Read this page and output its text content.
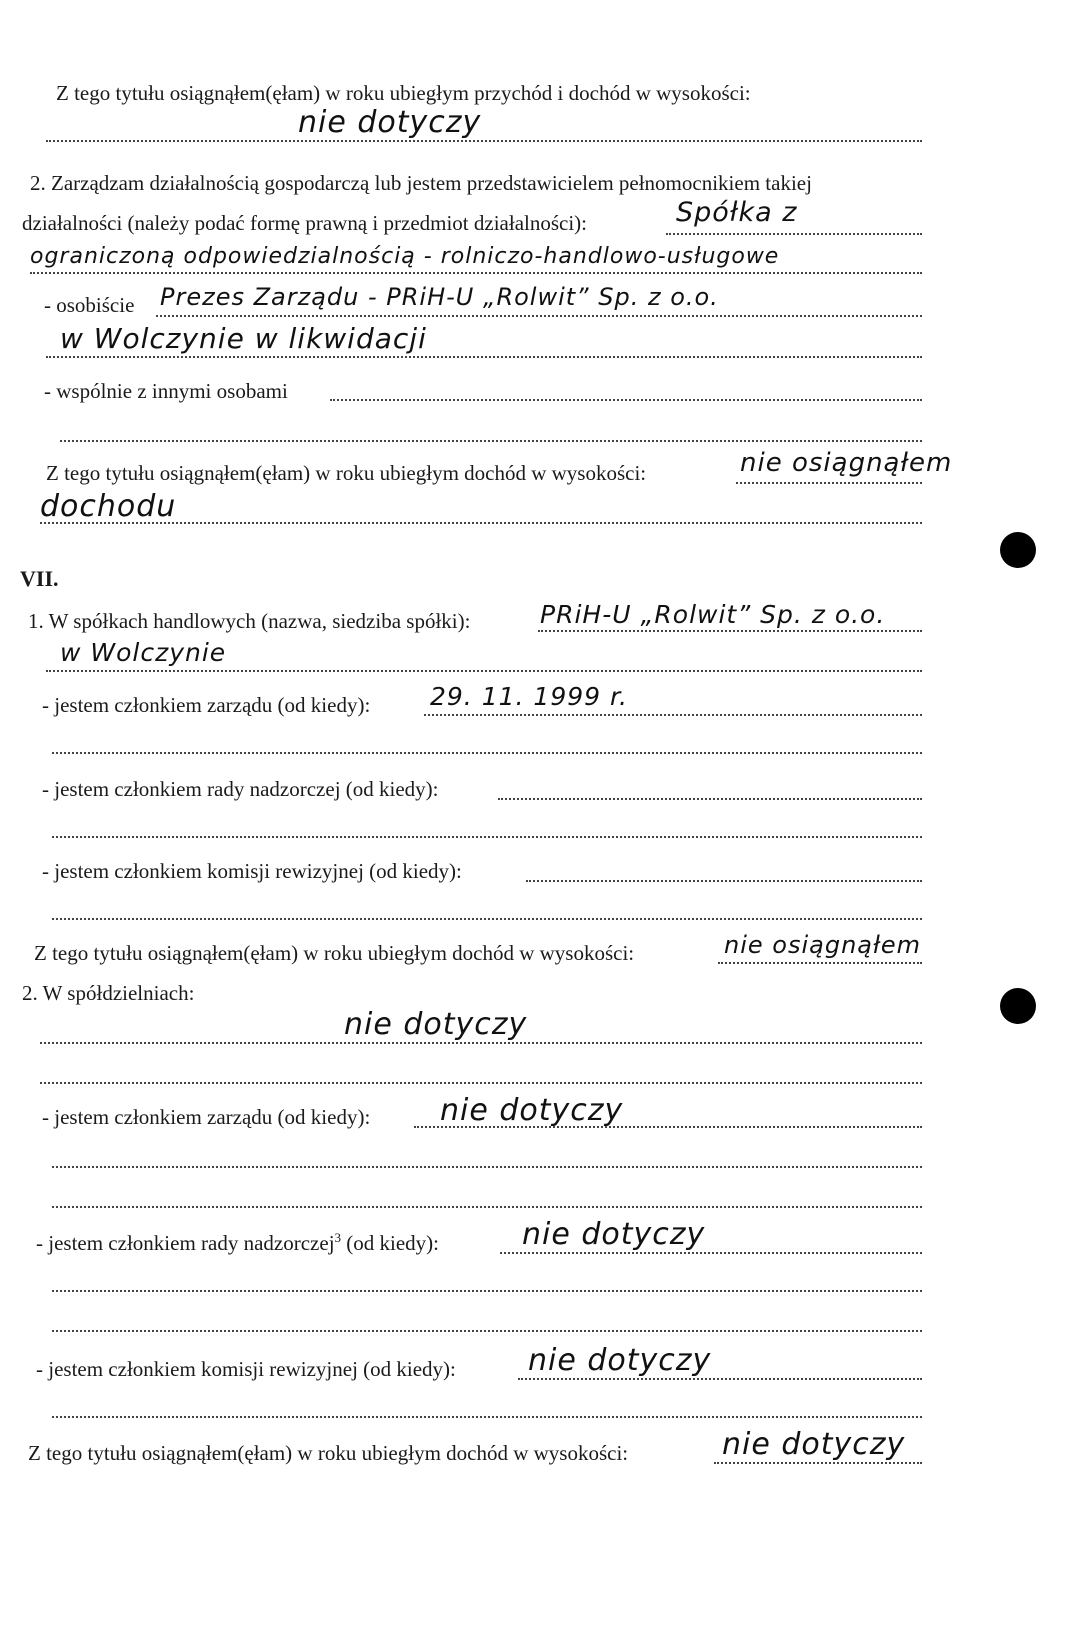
Z tego tytułu osiągnąłem(ęłam) w roku ubiegłym przychód i dochód w wysokości:
nie dotyczy
2. Zarządzam działalnością gospodarczą lub jestem przedstawicielem pełnomocnikiem takiej
działalności (należy podać formę prawną i przedmiot działalności):	Spółka z
ograniczoną odpowiedzialnością - rolniczo-handlowo-usługowe
- osobiście Prezes Zarządu - PRiH-U „Rolwit” Sp. z o.o.
w Wolczynie w likwidacji
- wspólnie z innymi osobami
Z tego tytułu osiągnąłem(ęłam) w roku ubiegłym dochód w wysokości:	nie osiągnąłem
dochodu
VII.
1. W spółkach handlowych (nazwa, siedziba spółki):	PRiH-U „Rolwit” Sp. z o.o.
w Wolczynie
- jestem członkiem zarządu (od kiedy): 29. 11. 1999 r.
- jestem członkiem rady nadzorczej (od kiedy):
- jestem członkiem komisji rewizyjnej (od kiedy):
Z tego tytułu osiągnąłem(ęłam) w roku ubiegłym dochód w wysokości:	nie osiągnąłem
2. W spółdzielniach:
nie dotyczy
- jestem członkiem zarządu (od kiedy): nie dotyczy
- jestem członkiem rady nadzorczej$^3$ (od kiedy):	nie dotyczy
- jestem członkiem komisji rewizyjnej (od kiedy): nie dotyczy
Z tego tytułu osiągnąłem(ęłam) w roku ubiegłym dochód w wysokości:	nie dotyczy
